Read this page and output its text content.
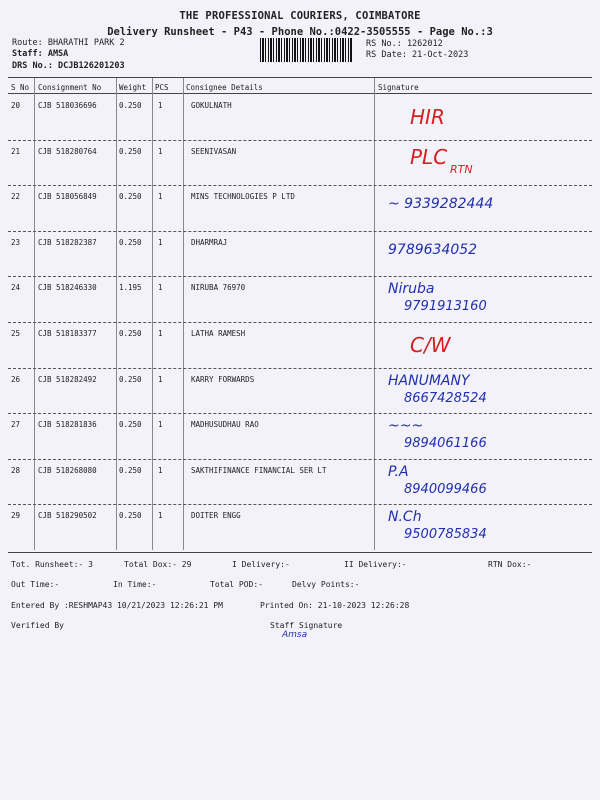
THE PROFESSIONAL COURIERS, COIMBATORE
Delivery Runsheet - P43 - Phone No.:0422-3505555 - Page No.:3
Route: BHARATHI PARK 2
Staff: AMSA
DRS No.: DCJB126201203
RS No.: 1262012
RS Date: 21-Oct-2023
S No Consignment No Weight PCS Consignee Details	Signature
20 CJB 518036696	0.250 1	GOKULNATH	HIR
21 CJB 518280764	0.250 1	SEENIVASAN	PLC
RTN
22 CJB 518056849	0.250 1	MINS TECHNOLOGIES P LTD	~ 9339282444
23 CJB 518282387	0.250 1	DHARMRAJ	9789634052
24 CJB 518246330	1.195 1	NIRUBA 76970	Niruba
9791913160
25 CJB 518183377	0.250 1	LATHA RAMESH	C/W
26 CJB 518282492	0.250 1	KARRY FORWARDS	HANUMANY
8667428524
27 CJB 518281836	0.250 1	MADHUSUDHAU RAO	~~~
9894061166
28 CJB 518268080	0.250 1	SAKTHIFINANCE FINANCIAL SER LT	P.A
8940099466
29 CJB 518290502	0.250 1	DOITER ENGG	N.Ch
9500785834
Tot. Runsheet:- 3	Total Dox:- 29	I Delivery:-	II Delivery:-	RTN Dox:-
Out Time:-	In Time:-	Total POD:-	Delvy Points:-
Entered By :RESHMAP43 10/21/2023 12:26:21 PM	Printed On: 21-10-2023 12:26:28
Verified By	Staff Signature
Amsa
